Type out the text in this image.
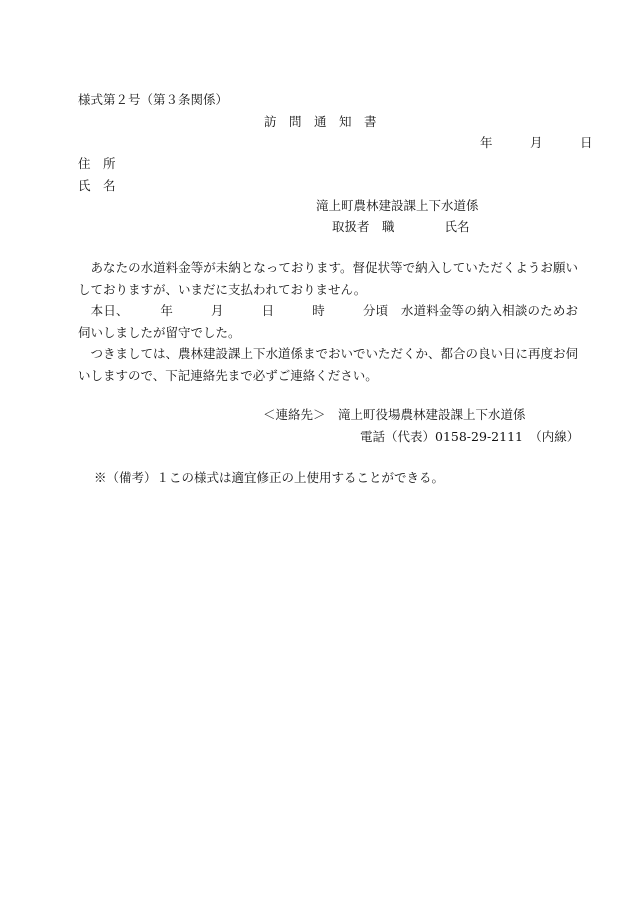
様式第２号（第３条関係）
訪　問　通　知　書
年　　　月　　　日
住　所
氏　名
滝上町農林建設課上下水道係
取扱者　職　　　　氏名
　あなたの水道料金等が未納となっております。督促状等で納入していただくようお願いしておりますが、いまだに支払われておりません。
　本日、　　　年　　　月　　　日　　　時　　　分頃　水道料金等の納入相談のためお伺いしましたが留守でした。
　つきましては、農林建設課上下水道係までおいでいただくか、都合の良い日に再度お伺いしますので、下記連絡先まで必ずご連絡ください。
＜連絡先＞　滝上町役場農林建設課上下水道係
電話（代表）0158-29-2111　（内線）
※（備考）１この様式は適宜修正の上使用することができる。
